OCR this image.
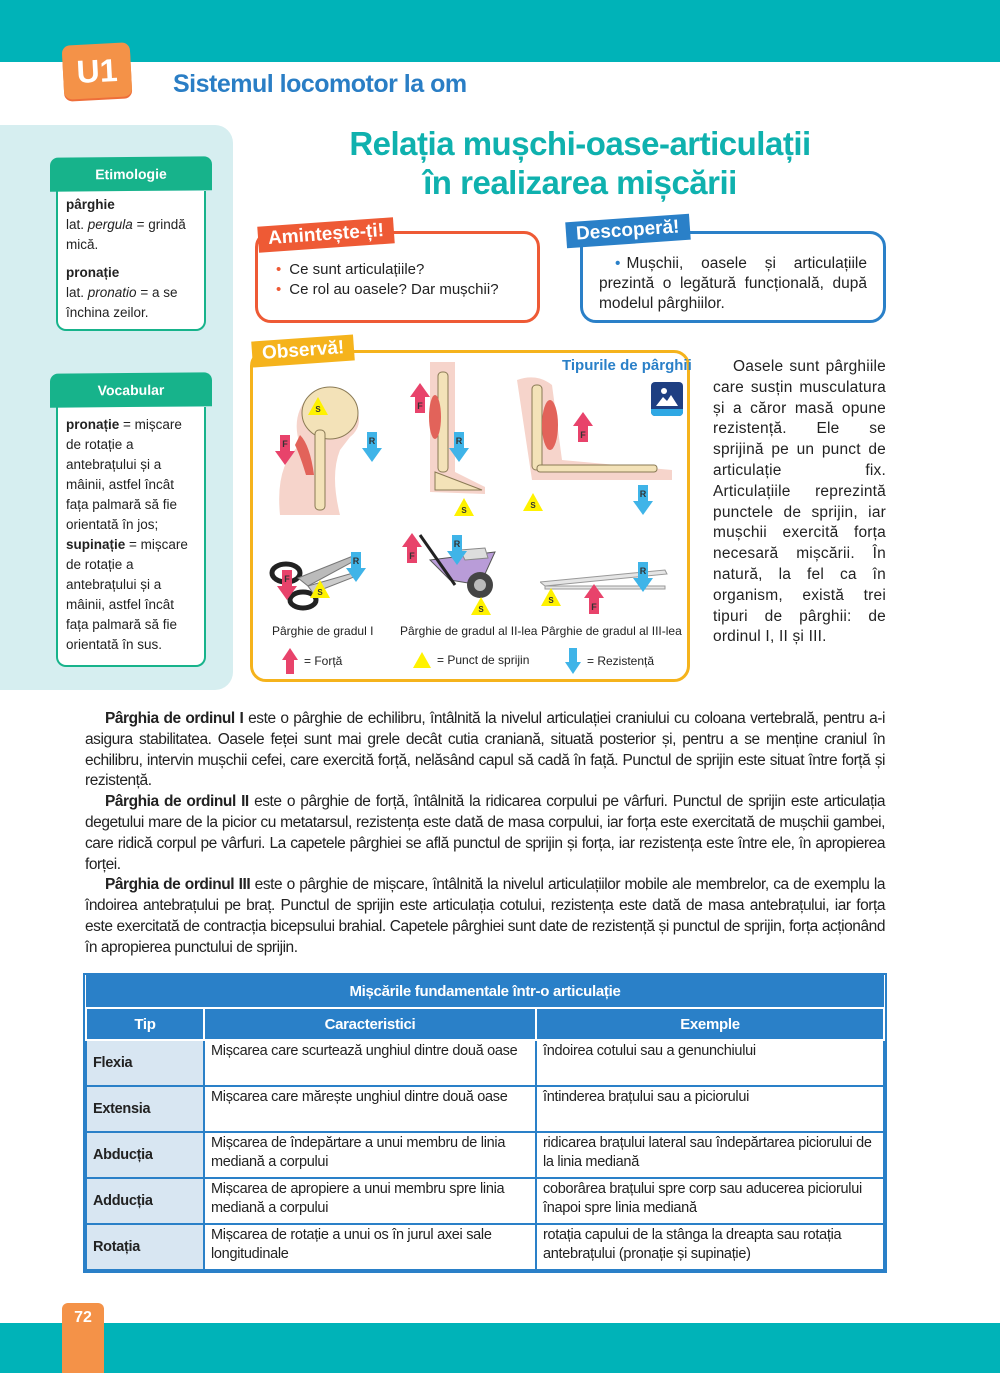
U1	Sistemul locomotor la om
Etimologie
pârghie
lat. pergula = grindă mică.
pronație
lat. pronatio = a se închina zeilor.
Vocabular
pronație = mișcare de rotație a antebrațului și a mâinii, astfel încât fața palmară să fie orientată în jos;
supinație = mișcare de rotație a antebrațului și a mâinii, astfel încât fața palmară să fie orientată în sus.
Relația mușchi-oase-articulații
în realizarea mișcării
• Ce sunt articulațiile?
• Ce rol au oasele? Dar mușchii?
Amintește-ți!

• Mușchii, oasele și articulațiile prezintă o legătură funcțională, după modelul pârghiilor.

Descoperă!
Observă!
Tipurile de pârghii
F
S
R
F
R
S
F
S
R
F
S
R	F
R
S
S
F
R
Pârghie de gradul I Pârghie de gradul al II-lea Pârghie de gradul al III-lea
= Forță	= Punct de sprijin	= Rezistență
Oasele sunt pârghiile care susțin musculatura și a căror masă opune rezistență. Ele se sprijină pe un punct de articulație fix. Articulațiile reprezintă punctele de sprijin, iar mușchii exercită forța necesară mișcării. În natură, la fel ca în organism, există trei tipuri de pârghii: de ordinul I, II și III.

Pârghia de ordinul I este o pârghie de echilibru, întâlnită la nivelul articulației craniului cu coloana vertebrală, pentru a-i asigura stabilitatea. Oasele feței sunt mai grele decât cutia craniană, situată posterior și, pentru a se menține craniul în echilibru, intervin mușchii cefei, care exercită forță, nelăsând capul să cadă în față. Punctul de sprijin este situat între forță și rezistență.

Pârghia de ordinul II este o pârghie de forță, întâlnită la ridicarea corpului pe vârfuri. Punctul de sprijin este articulația degetului mare de la picior cu metatarsul, rezistența este dată de masa corpului, iar forța este exercitată de mușchii gambei, care ridică corpul pe vârfuri. La capetele pârghiei se află punctul de sprijin și forța, iar rezistența este între ele, în apropierea forței.

Pârghia de ordinul III este o pârghie de mișcare, întâlnită la nivelul articulațiilor mobile ale membrelor, ca de exemplu la îndoirea antebrațului pe braț. Punctul de sprijin este articulația cotului, rezistența este dată de masa antebrațului, iar forța este exercitată de contracția bicepsului brahial. Capetele pârghiei sunt date de rezistență și punctul de sprijin, forța acționând în apropierea punctului de sprijin.

Mișcările fundamentale într-o articulație		
Tip	Caracteristici	Exemple
Flexia	Mișcarea care scurtează unghiul dintre două oase	îndoirea cotului sau a genunchiului
Extensia	Mișcarea care mărește unghiul dintre două oase	întinderea brațului sau a piciorului
Abducția	Mișcarea de îndepărtare a unui membru de linia mediană a corpului	ridicarea brațului lateral sau îndepărtarea piciorului de la linia mediană
Adducția	Mișcarea de apropiere a unui membru spre linia mediană a corpului	coborârea brațului spre corp sau aducerea piciorului înapoi spre linia mediană
Rotația	Mișcarea de rotație a unui os în jurul axei sale longitudinale	rotația capului de la stânga la dreapta sau rotația antebrațului (pronație și supinație)
72
